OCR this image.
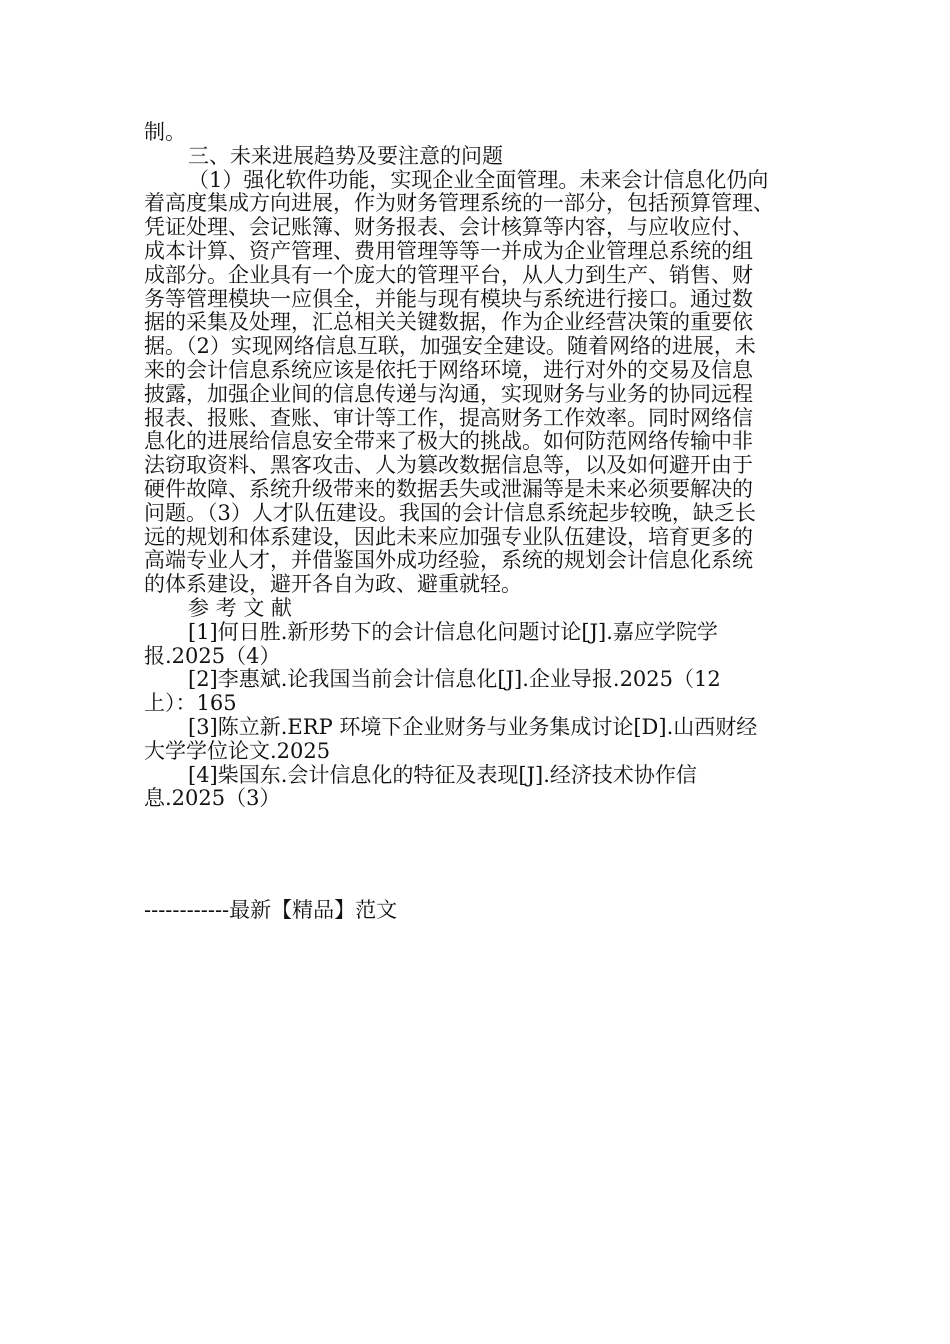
制。
三、未来进展趋势及要注意的问题
（1）强化软件功能，实现企业全面管理。未来会计信息化仍向
着高度集成方向进展，作为财务管理系统的一部分，包括预算管理、
凭证处理、会记账簿、财务报表、会计核算等内容，与应收应付、
成本计算、资产管理、费用管理等等一并成为企业管理总系统的组
成部分。企业具有一个庞大的管理平台，从人力到生产、销售、财
务等管理模块一应俱全，并能与现有模块与系统进行接口。通过数
据的采集及处理，汇总相关关键数据，作为企业经营决策的重要依
据。（2）实现网络信息互联，加强安全建设。随着网络的进展，未
来的会计信息系统应该是依托于网络环境，进行对外的交易及信息
披露，加强企业间的信息传递与沟通，实现财务与业务的协同远程
报表、报账、查账、审计等工作，提高财务工作效率。同时网络信
息化的进展给信息安全带来了极大的挑战。如何防范网络传输中非
法窃取资料、黑客攻击、人为篡改数据信息等，以及如何避开由于
硬件故障、系统升级带来的数据丢失或泄漏等是未来必须要解决的
问题。（3）人才队伍建设。我国的会计信息系统起步较晚，缺乏长
远的规划和体系建设，因此未来应加强专业队伍建设，培育更多的
高端专业人才，并借鉴国外成功经验，系统的规划会计信息化系统
的体系建设，避开各自为政、避重就轻。
参 考 文 献
[1]何日胜.新形势下的会计信息化问题讨论[J].嘉应学院学
报.2025（4）
[2]李惠斌.论我国当前会计信息化[J].企业导报.2025（12
上）：165
[3]陈立新.ERP 环境下企业财务与业务集成讨论[D].山西财经
大学学位论文.2025
[4]柴国东.会计信息化的特征及表现[J].经济技术协作信
息.2025（3）
------------最新【精品】范文
